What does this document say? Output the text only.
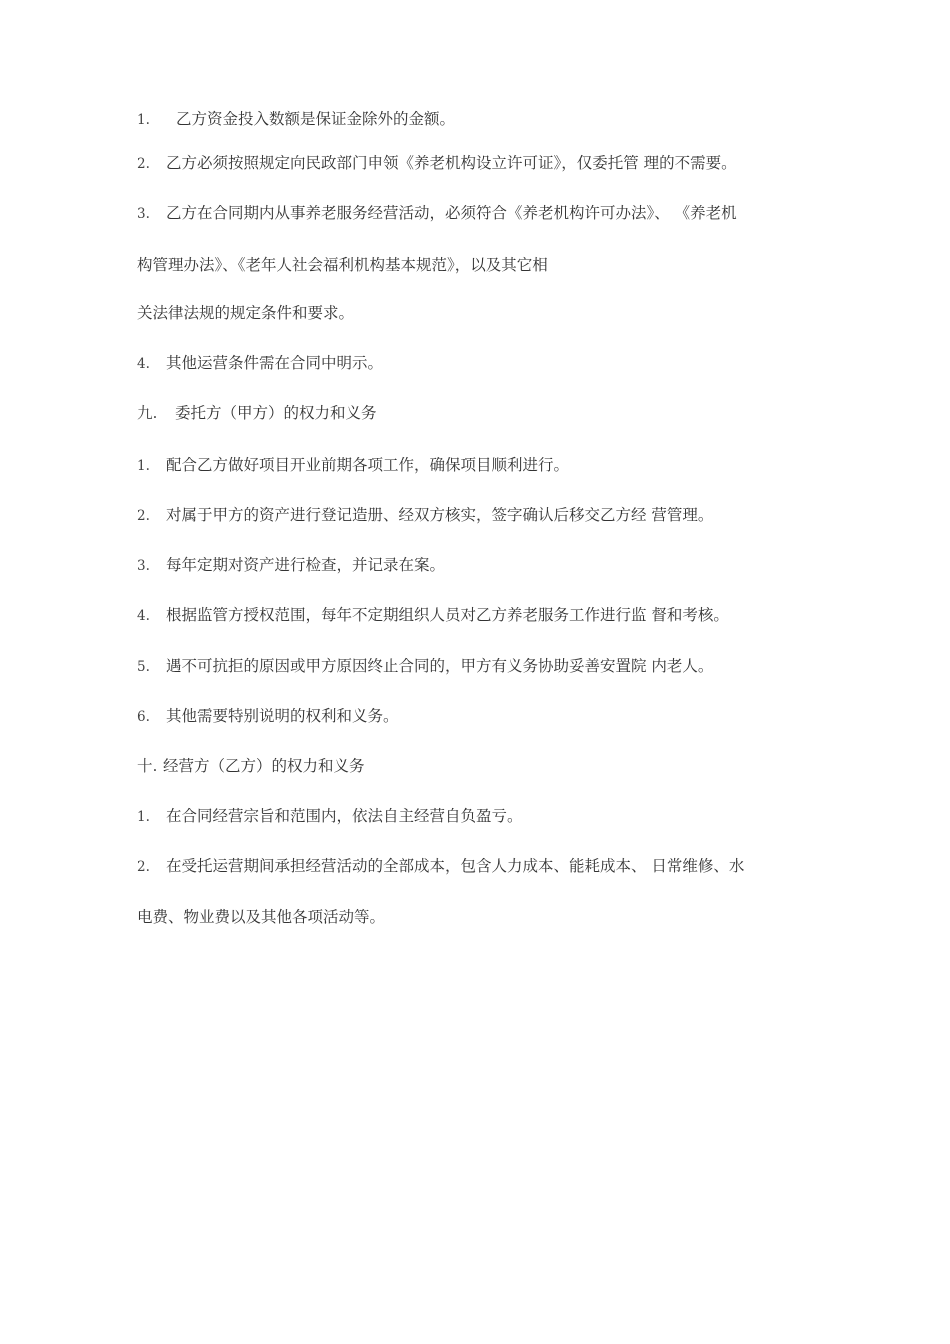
1. 乙方资金投入数额是保证金除外的金额。
2. 乙方必须按照规定向民政部门申领《养老机构设立许可证》，仅委托管 理的不需要。
3. 乙方在合同期内从事养老服务经营活动，必须符合《养老机构许可办法》、 《养老机
构管理办法》、《老年人社会福利机构基本规范》，以及其它相
关法律法规的规定条件和要求。
4. 其他运营条件需在合同中明示。
九. 委托方（甲方）的权力和义务
1. 配合乙方做好项目开业前期各项工作，确保项目顺利进行。
2. 对属于甲方的资产进行登记造册、经双方核实，签字确认后移交乙方经 营管理。
3. 每年定期对资产进行检查，并记录在案。
4. 根据监管方授权范围，每年不定期组织人员对乙方养老服务工作进行监 督和考核。
5. 遇不可抗拒的原因或甲方原因终止合同的，甲方有义务协助妥善安置院 内老人。
6. 其他需要特别说明的权利和义务。
十. 经营方（乙方）的权力和义务
1. 在合同经营宗旨和范围内，依法自主经营自负盈亏。
2. 在受托运营期间承担经营活动的全部成本，包含人力成本、能耗成本、 日常维修、水
电费、物业费以及其他各项活动等。
